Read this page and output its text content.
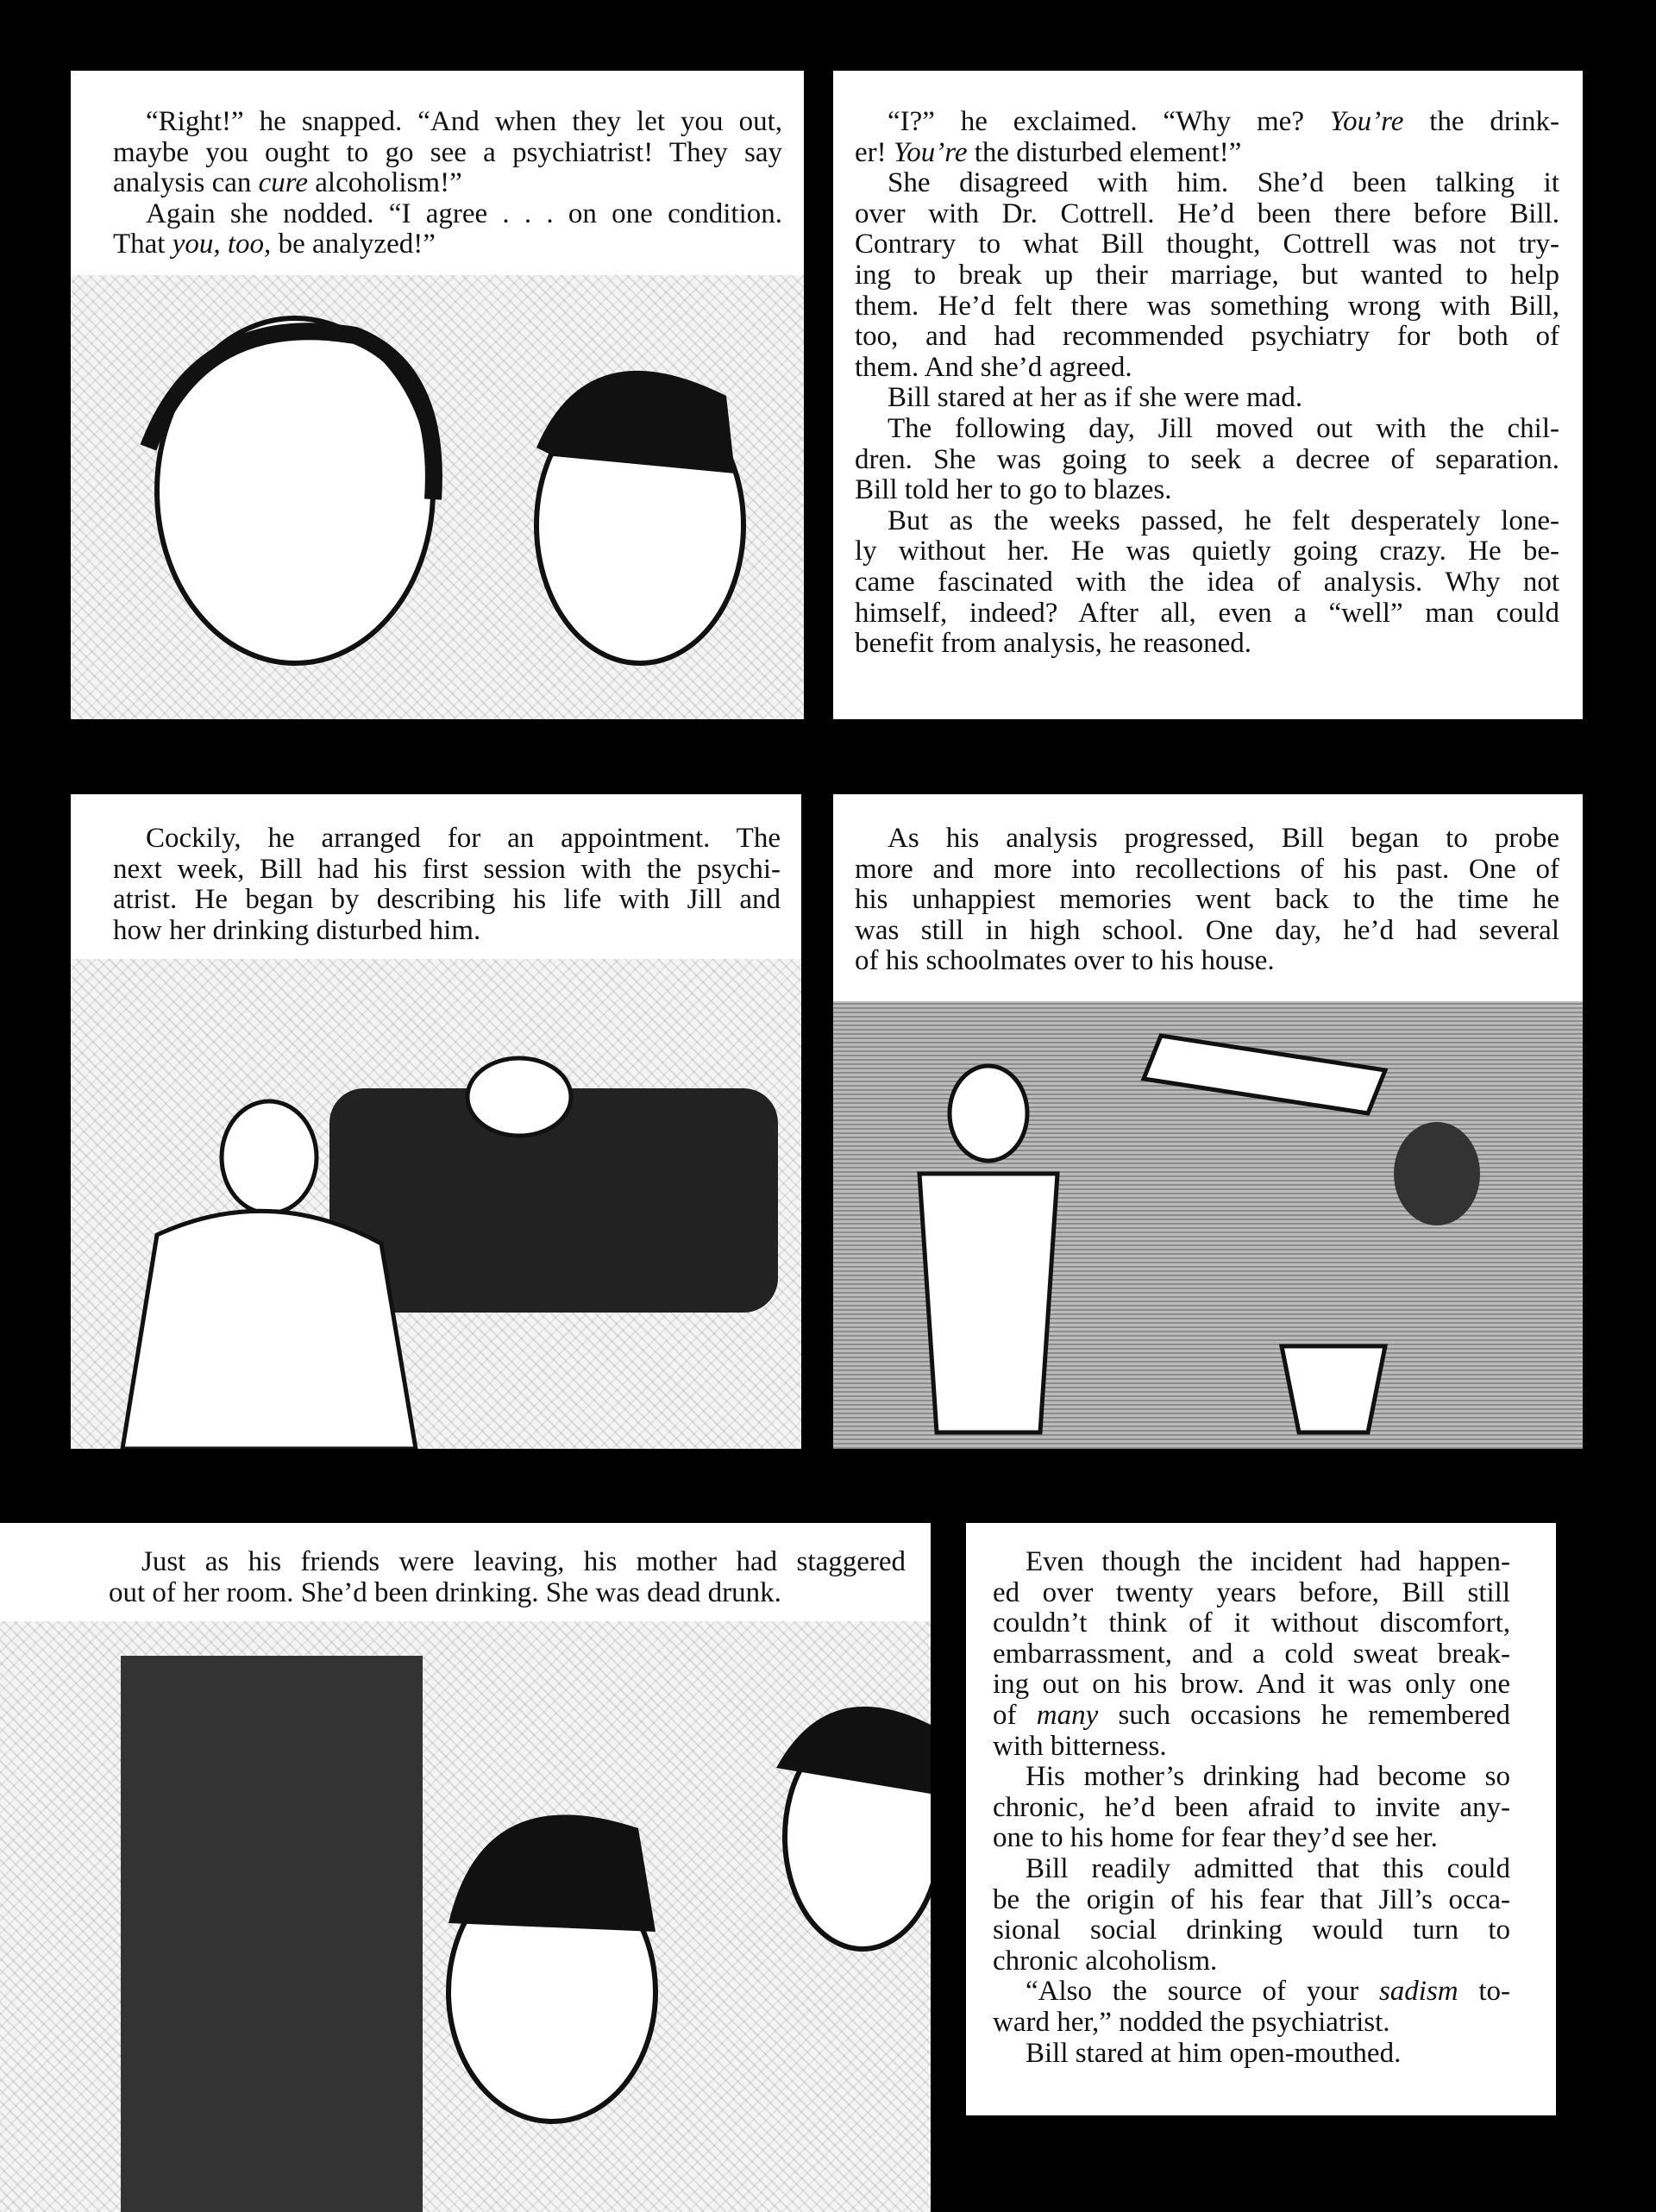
“Right!” he snapped. “And when they let you out,
maybe you ought to go see a psychiatrist! They say
analysis can cure alcoholism!”
Again she nodded. “I agree . . . on one condition.
That you, too, be analyzed!”
“I?” he exclaimed. “Why me? You’re the drink-
er! You’re the disturbed element!”
She disagreed with him. She’d been talking it
over with Dr. Cottrell. He’d been there before Bill.
Contrary to what Bill thought, Cottrell was not try-
ing to break up their marriage, but wanted to help
them. He’d felt there was something wrong with Bill,
too, and had recommended psychiatry for both of
them. And she’d agreed.
Bill stared at her as if she were mad.
The following day, Jill moved out with the chil-
dren. She was going to seek a decree of separation.
Bill told her to go to blazes.
But as the weeks passed, he felt desperately lone-
ly without her. He was quietly going crazy. He be-
came fascinated with the idea of analysis. Why not
himself, indeed? After all, even a “well” man could
benefit from analysis, he reasoned.
Cockily, he arranged for an appointment. The
next week, Bill had his first session with the psychi-
atrist. He began by describing his life with Jill and
how her drinking disturbed him.
As his analysis progressed, Bill began to probe
more and more into recollections of his past. One of
his unhappiest memories went back to the time he
was still in high school. One day, he’d had several
of his schoolmates over to his house.
Just as his friends were leaving, his mother had staggered
out of her room. She’d been drinking. She was dead drunk.
Even though the incident had happen-
ed over twenty years before, Bill still
couldn’t think of it without discomfort,
embarrassment, and a cold sweat break-
ing out on his brow. And it was only one
of many such occasions he remembered
with bitterness.
His mother’s drinking had become so
chronic, he’d been afraid to invite any-
one to his home for fear they’d see her.
Bill readily admitted that this could
be the origin of his fear that Jill’s occa-
sional social drinking would turn to
chronic alcoholism.
“Also the source of your sadism to-
ward her,” nodded the psychiatrist.
Bill stared at him open-mouthed.
